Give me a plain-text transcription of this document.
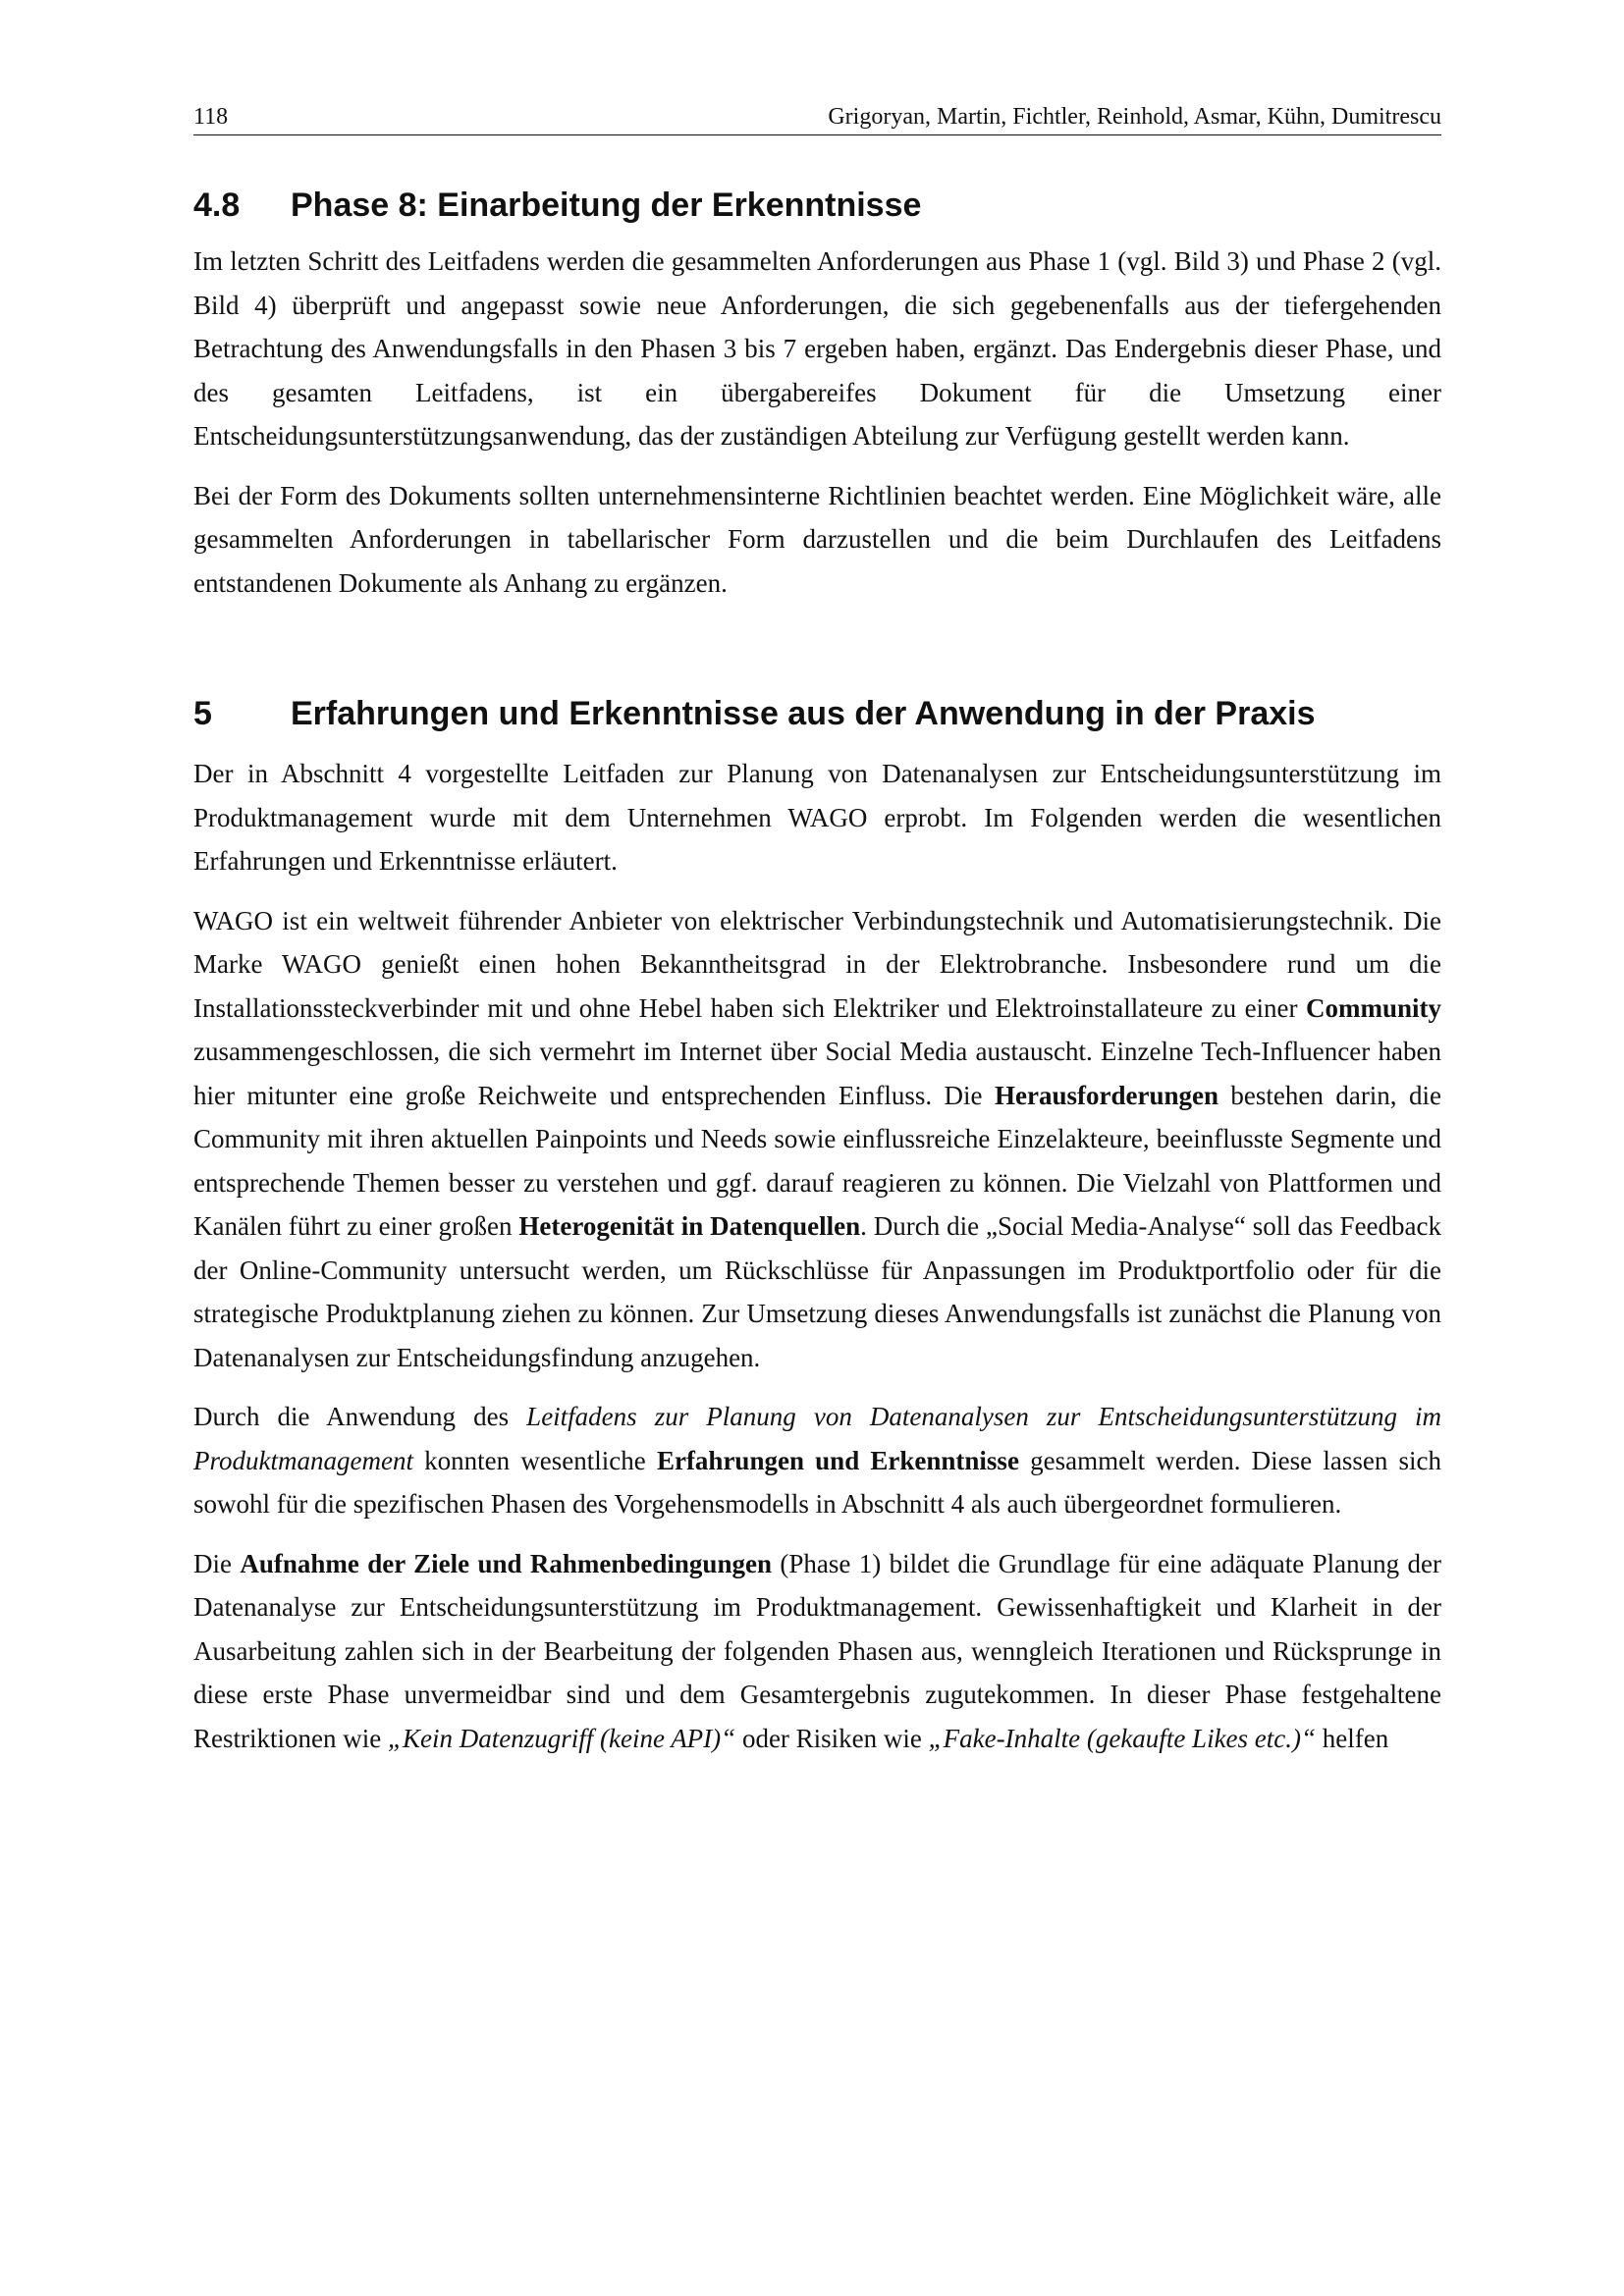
118	Grigoryan, Martin, Fichtler, Reinhold, Asmar, Kühn, Dumitrescu
4.8	Phase 8: Einarbeitung der Erkenntnisse

Im letzten Schritt des Leitfadens werden die gesammelten Anforderungen aus Phase 1 (vgl. Bild 3) und Phase 2 (vgl. Bild 4) überprüft und angepasst sowie neue Anforderungen, die sich gegebenenfalls aus der tiefergehenden Betrachtung des Anwendungsfalls in den Phasen 3 bis 7 ergeben haben, ergänzt. Das Endergebnis dieser Phase, und des gesamten Leitfadens, ist ein übergabereifes Dokument für die Umsetzung einer Entscheidungsunterstützungsanwendung, das der zuständigen Abteilung zur Verfügung gestellt werden kann.

Bei der Form des Dokuments sollten unternehmensinterne Richtlinien beachtet werden. Eine Möglichkeit wäre, alle gesammelten Anforderungen in tabellarischer Form darzustellen und die beim Durchlaufen des Leitfadens entstandenen Dokumente als Anhang zu ergänzen.

5	Erfahrungen und Erkenntnisse aus der Anwendung in der Praxis

Der in Abschnitt 4 vorgestellte Leitfaden zur Planung von Datenanalysen zur Entscheidungsunterstützung im Produktmanagement wurde mit dem Unternehmen WAGO erprobt. Im Folgenden werden die wesentlichen Erfahrungen und Erkenntnisse erläutert.

WAGO ist ein weltweit führender Anbieter von elektrischer Verbindungstechnik und Automatisierungstechnik. Die Marke WAGO genießt einen hohen Bekanntheitsgrad in der Elektrobranche. Insbesondere rund um die Installationssteckverbinder mit und ohne Hebel haben sich Elektriker und Elektroinstallateure zu einer Community zusammengeschlossen, die sich vermehrt im Internet über Social Media austauscht. Einzelne Tech-Influencer haben hier mitunter eine große Reichweite und entsprechenden Einfluss. Die Herausforderungen bestehen darin, die Community mit ihren aktuellen Painpoints und Needs sowie einflussreiche Einzelakteure, beeinflusste Segmente und entsprechende Themen besser zu verstehen und ggf. darauf reagieren zu können. Die Vielzahl von Plattformen und Kanälen führt zu einer großen Heterogenität in Datenquellen. Durch die „Social Media-Analyse“ soll das Feedback der Online-Community untersucht werden, um Rückschlüsse für Anpassungen im Produktportfolio oder für die strategische Produktplanung ziehen zu können. Zur Umsetzung dieses Anwendungsfalls ist zunächst die Planung von Datenanalysen zur Entscheidungsfindung anzugehen.

Durch die Anwendung des Leitfadens zur Planung von Datenanalysen zur Entscheidungsunterstützung im Produktmanagement konnten wesentliche Erfahrungen und Erkenntnisse gesammelt werden. Diese lassen sich sowohl für die spezifischen Phasen des Vorgehensmodells in Abschnitt 4 als auch übergeordnet formulieren.

Die Aufnahme der Ziele und Rahmenbedingungen (Phase 1) bildet die Grundlage für eine adäquate Planung der Datenanalyse zur Entscheidungsunterstützung im Produktmanagement. Gewissenhaftigkeit und Klarheit in der Ausarbeitung zahlen sich in der Bearbeitung der folgenden Phasen aus, wenngleich Iterationen und Rücksprunge in diese erste Phase unvermeidbar sind und dem Gesamtergebnis zugutekommen. In dieser Phase festgehaltene Restriktionen wie „Kein Datenzugriff (keine API)“ oder Risiken wie „Fake-Inhalte (gekaufte Likes etc.)“ helfen
